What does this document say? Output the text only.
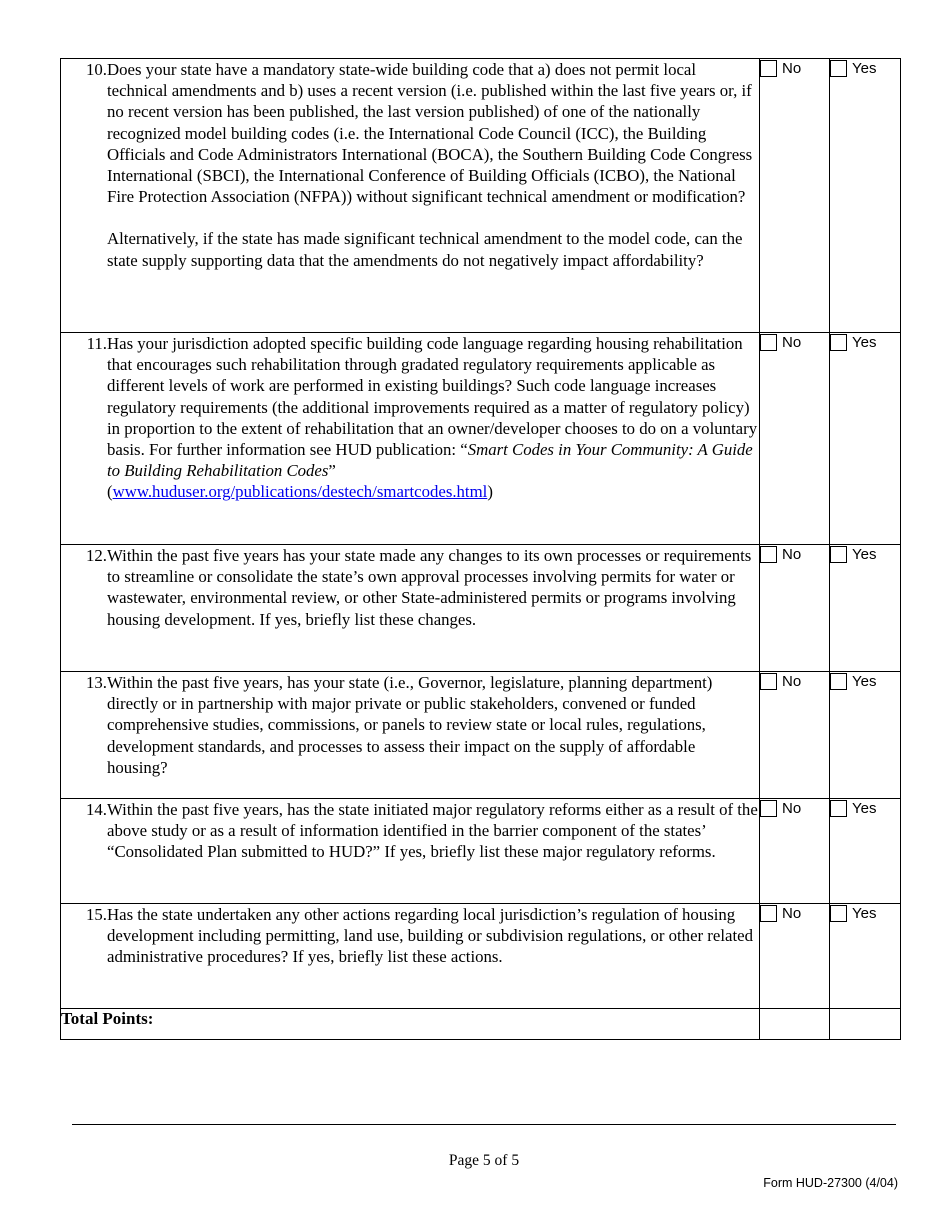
10. Does your state have a mandatory state-wide building code that a) does not permit local technical amendments and b) uses a recent version (i.e. published within the last five years or, if no recent version has been published, the last version published) of one of the nationally recognized model building codes (i.e. the International Code Council (ICC), the Building Officials and Code Administrators International (BOCA), the Southern Building Code Congress International (SBCI), the International Conference of Building Officials (ICBO), the National Fire Protection Association (NFPA)) without significant technical amendment or modification?
Alternatively, if the state has made significant technical amendment to the model code, can the state supply supporting data that the amendments do not negatively impact affordability?	No	Yes

11. Has your jurisdiction adopted specific building code language regarding housing rehabilitation that encourages such rehabilitation through gradated regulatory requirements applicable as different levels of work are performed in existing buildings? Such code language increases regulatory requirements (the additional improvements required as a matter of regulatory policy) in proportion to the extent of rehabilitation that an owner/developer chooses to do on a voluntary basis. For further information see HUD publication: “Smart Codes in Your Community: A Guide to Building Rehabilitation Codes”
(www.huduser.org/publications/destech/smartcodes.html)	No	Yes

12. Within the past five years has your state made any changes to its own processes or requirements to streamline or consolidate the state’s own approval processes involving permits for water or wastewater, environmental review, or other State-administered permits or programs involving housing development. If yes, briefly list these changes.	No	Yes

13. Within the past five years, has your state (i.e., Governor, legislature, planning department) directly or in partnership with major private or public stakeholders, convened or funded comprehensive studies, commissions, or panels to review state or local rules, regulations, development standards, and processes to assess their impact on the supply of affordable housing?	No	Yes

14. Within the past five years, has the state initiated major regulatory reforms either as a result of the above study or as a result of information identified in the barrier component of the states’ “Consolidated Plan submitted to HUD?” If yes, briefly list these major regulatory reforms.	No	Yes

15. Has the state undertaken any other actions regarding local jurisdiction’s regulation of housing development including permitting, land use, building or subdivision regulations, or other related administrative procedures? If yes, briefly list these actions.	No	Yes
Total Points:		
Page 5 of 5
Form HUD-27300 (4/04)
